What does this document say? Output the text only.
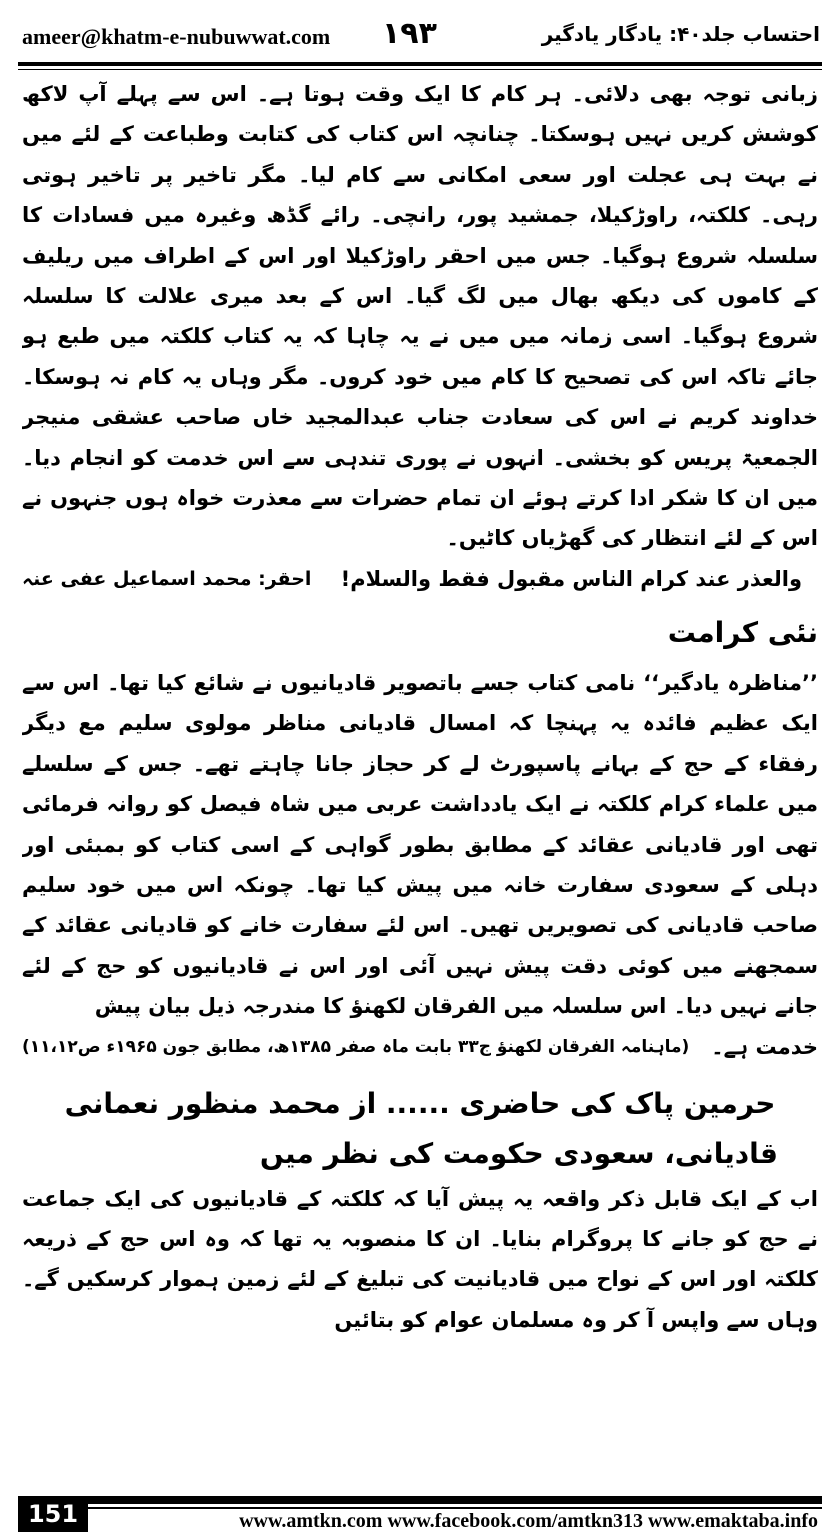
ameer@khatm-e-nubuwwat.com ۱۹۳	احتساب جلد۴۰: یادگار یادگیر

زبانی توجہ بھی دلائی۔ ہر کام کا ایک وقت ہوتا ہے۔ اس سے پہلے آپ لاکھ کوشش کریں نہیں ہوسکتا۔ چنانچہ اس کتاب کی کتابت وطباعت کے لئے میں نے بہت ہی عجلت اور سعی امکانی سے کام لیا۔ مگر تاخیر پر تاخیر ہوتی رہی۔ کلکتہ، راوڑکیلا، جمشید پور، رانچی۔ رائے گڈھ وغیرہ میں فسادات کا سلسلہ شروع ہوگیا۔ جس میں احقر راوڑکیلا اور اس کے اطراف میں ریلیف کے کاموں کی دیکھ بھال میں لگ گیا۔ اس کے بعد میری علالت کا سلسلہ شروع ہوگیا۔ اسی زمانہ میں میں نے یہ چاہا کہ یہ کتاب کلکتہ میں طبع ہو جائے تاکہ اس کی تصحیح کا کام میں خود کروں۔ مگر وہاں یہ کام نہ ہوسکا۔ خداوند کریم نے اس کی سعادت جناب عبدالمجید خاں صاحب عشقی منیجر الجمعیۃ پریس کو بخشی۔ انہوں نے پوری تندہی سے اس خدمت کو انجام دیا۔ میں ان کا شکر ادا کرتے ہوئے ان تمام حضرات سے معذرت خواہ ہوں جنہوں نے اس کے لئے انتظار کی گھڑیاں کاٹیں۔

والعذر عند کرام الناس مقبول فقط والسلام!
احقر: محمد اسماعیل عفی عنہ
نئی کرامت

’’مناظرہ یادگیر‘‘ نامی کتاب جسے باتصویر قادیانیوں نے شائع کیا تھا۔ اس سے ایک عظیم فائدہ یہ پہنچا کہ امسال قادیانی مناظر مولوی سلیم مع دیگر رفقاء کے حج کے بہانے پاسپورٹ لے کر حجاز جانا چاہتے تھے۔ جس کے سلسلے میں علماء کرام کلکتہ نے ایک یادداشت عربی میں شاہ فیصل کو روانہ فرمائی تھی اور قادیانی عقائد کے مطابق بطور گواہی کے اسی کتاب کو بمبئی اور دہلی کے سعودی سفارت خانہ میں پیش کیا تھا۔ چونکہ اس میں خود سلیم صاحب قادیانی کی تصویریں تھیں۔ اس لئے سفارت خانے کو قادیانی عقائد کے سمجھنے میں کوئی دقت پیش نہیں آئی اور اس نے قادیانیوں کو حج کے لئے جانے نہیں دیا۔ اس سلسلہ میں الفرقان لکھنؤ کا مندرجہ ذیل بیان پیش

خدمت ہے۔
(ماہنامہ الفرقان لکھنؤ ج۳۳ بابت ماہ صفر ۱۳۸۵ھ، مطابق جون ۱۹۶۵ء ص۱۱،۱۲)
حرمین پاک کی حاضری ...... از محمد منظور نعمانی
قادیانی، سعودی حکومت کی نظر میں

اب کے ایک قابل ذکر واقعہ یہ پیش آیا کہ کلکتہ کے قادیانیوں کی ایک جماعت نے حج کو جانے کا پروگرام بنایا۔ ان کا منصوبہ یہ تھا کہ وہ اس حج کے ذریعہ کلکتہ اور اس کے نواح میں قادیانیت کی تبلیغ کے لئے زمین ہموار کرسکیں گے۔ وہاں سے واپس آ کر وہ مسلمان عوام کو بتائیں

151	www.amtkn.com www.facebook.com/amtkn313 www.emaktaba.info
